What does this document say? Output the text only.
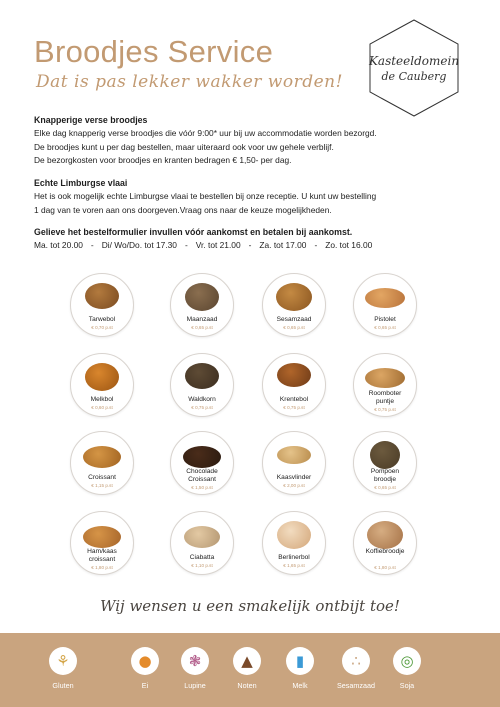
Broodjes Service
Dat is pas lekker wakker worden!
Kasteeldomein
de Cauberg
Knapperige verse broodjes
Elke dag knapperig verse broodjes die vóór 9:00* uur bij uw accommodatie worden bezorgd.
De broodjes kunt u per dag bestellen, maar uiteraard ook voor uw gehele verblijf.
De bezorgkosten voor broodjes en kranten bedragen € 1,50- per dag.
Echte Limburgse vlaai
Het is ook mogelijk echte Limburgse vlaai te bestellen bij onze receptie. U kunt uw bestelling
1 dag van te voren aan ons doorgeven.Vraag ons naar de keuze mogelijkheden.
Gelieve het bestelformulier invullen vóór aankomst en betalen bij aankomst.
Ma. tot 20.00 - Di/ Wo/Do. tot 17.30 - Vr. tot 21.00 - Za. tot 17.00 - Zo. tot 16.00
Tarwebol
€ 0,70 p.st
Maanzaad
€ 0,65 p.st
Sesamzaad
€ 0,65 p.st
Pistolet
€ 0,65 p.st
Melkbol
€ 0,60 p.st
Waldkorn
€ 0,75 p.st
Krentebol
€ 0,75 p.st
Roomboter puntje
€ 0,75 p.st
Croissant
€ 1,15 p.st
Chocolade Croissant
€ 1,50 p.st
Kaasvlinder
€ 2,00 p.st
Pompoen broodje
€ 0,65 p.st
Ham/kaas croissant
€ 1,80 p.st
Ciabatta
€ 1,10 p.st
Berlinerbol
€ 1,65 p.st
Koffiebroodje
€ 1,80 p.st
Wij wensen u een smakelijk ontbijt toe!
⚘
Gluten
●
Ei
❃
Lupine
▲
Noten
▮
Melk
∴
Sesamzaad
◎
Soja
